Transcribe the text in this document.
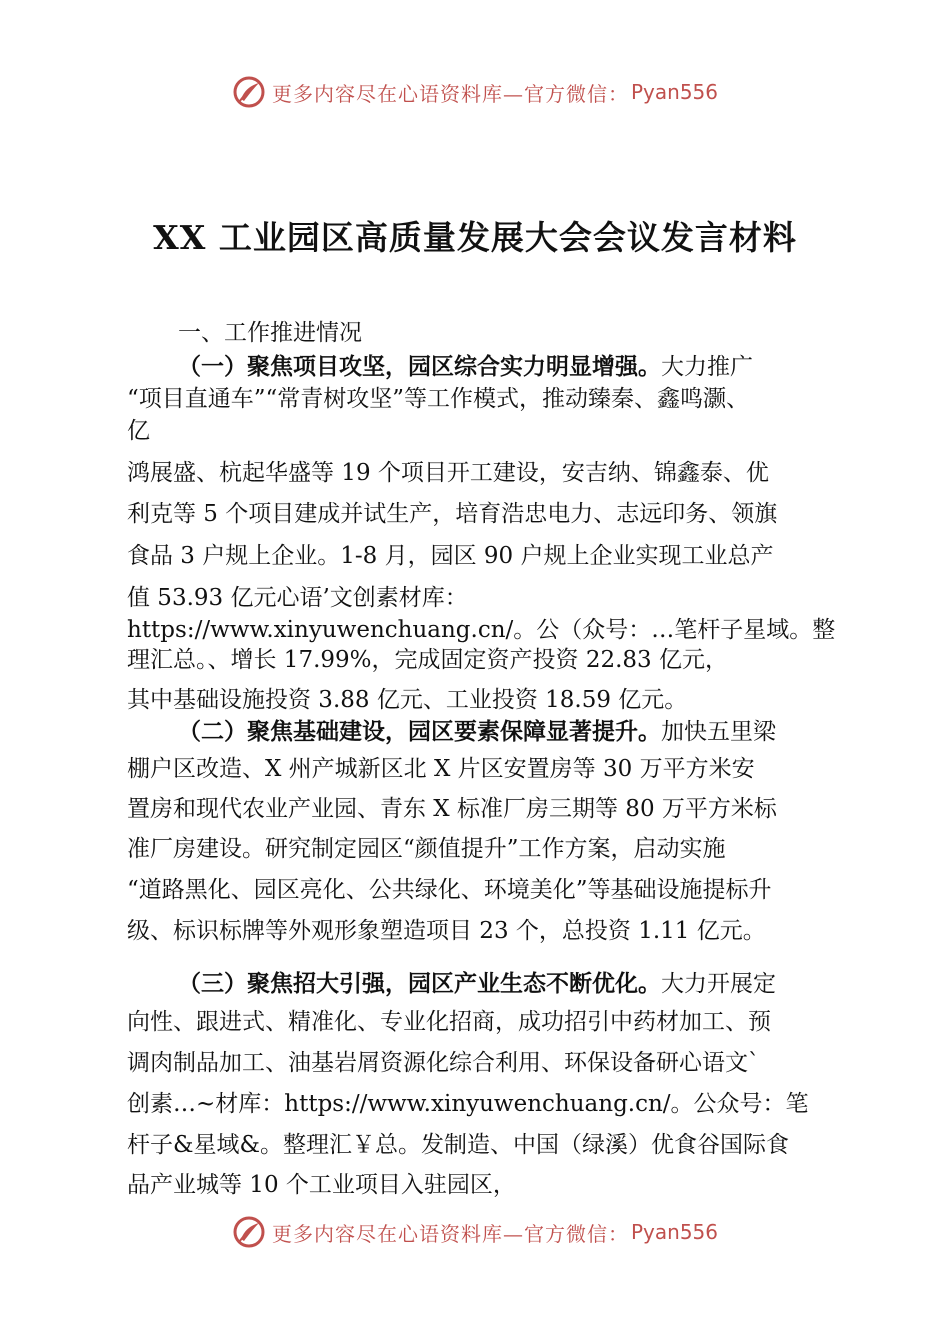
更多内容尽在心语资料库—官方微信： Pyan556
XX 工业园区高质量发展大会会议发言材料
一、工作推进情况
（一）聚焦项目攻坚，园区综合实力明显增强。大力推广
“项目直通车”“常青树攻坚”等工作模式，推动臻秦、鑫鸣灏、
亿
鸿展盛、杭起华盛等 19 个项目开工建设，安吉纳、锦鑫泰、优
利克等 5 个项目建成并试生产，培育浩忠电力、志远印务、领旗
食品 3 户规上企业。1-8 月，园区 90 户规上企业实现工业总产
值 53.93 亿元心语’文创素材库：
https://www.xinyuwenchuang.cn/。公（众号：…笔杆子星域。整
理汇总。、增长 17.99%，完成固定资产投资 22.83 亿元，
其中基础设施投资 3.88 亿元、工业投资 18.59 亿元。
（二）聚焦基础建设，园区要素保障显著提升。加快五里梁
棚户区改造、X 州产城新区北 X 片区安置房等 30 万平方米安
置房和现代农业产业园、青东 X 标准厂房三期等 80 万平方米标
准厂房建设。研究制定园区“颜值提升”工作方案，启动实施
“道路黑化、园区亮化、公共绿化、环境美化”等基础设施提标升
级、标识标牌等外观形象塑造项目 23 个，总投资 1.11 亿元。
（三）聚焦招大引强，园区产业生态不断优化。大力开展定
向性、跟进式、精准化、专业化招商，成功招引中药材加工、预
调肉制品加工、油基岩屑资源化综合利用、环保设备研心语文`
创素…~材库：https://www.xinyuwenchuang.cn/。公众号：笔
杆子&星域&。整理汇￥总。发制造、中国（绿溪）优食谷国际食
品产业城等 10 个工业项目入驻园区，
更多内容尽在心语资料库—官方微信： Pyan556
